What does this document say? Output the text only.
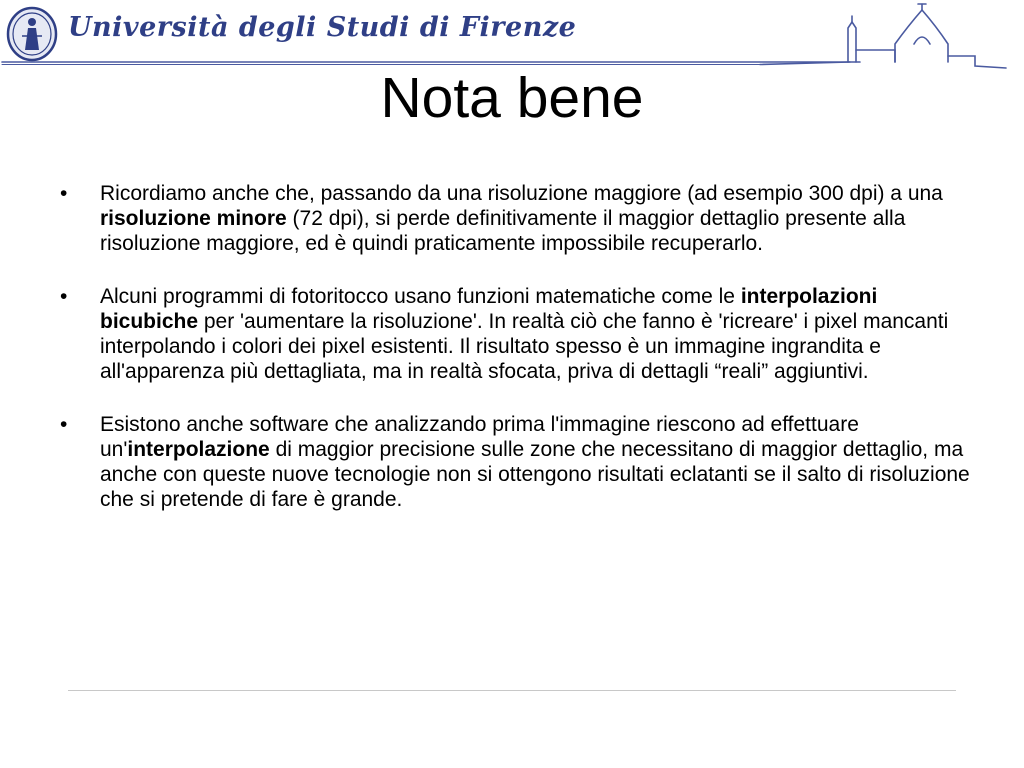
Università degli Studi di Firenze
Nota bene
• Ricordiamo anche che, passando da una risoluzione maggiore (ad esempio 300 dpi) a una risoluzione minore (72 dpi), si perde definitivamente il maggior dettaglio presente alla risoluzione maggiore, ed è quindi praticamente impossibile recuperarlo.
• Alcuni programmi di fotoritocco usano funzioni matematiche come le interpolazioni bicubiche per 'aumentare la risoluzione'. In realtà ciò che fanno è 'ricreare' i pixel mancanti interpolando i colori dei pixel esistenti. Il risultato spesso è un immagine ingrandita e all'apparenza più dettagliata, ma in realtà sfocata, priva di dettagli “reali” aggiuntivi.
• Esistono anche software che analizzando prima l'immagine riescono ad effettuare un'interpolazione di maggior precisione sulle zone che necessitano di maggior dettaglio, ma anche con queste nuove tecnologie non si ottengono risultati eclatanti se il salto di risoluzione che si pretende di fare è grande.
